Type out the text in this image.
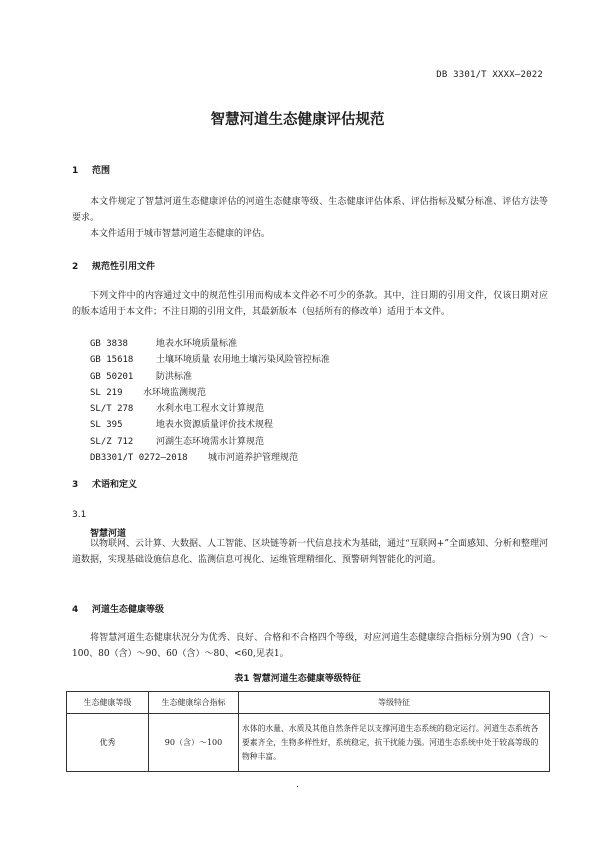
DB 3301/T XXXX—2022
智慧河道生态健康评估规范
1 范围

本文件规定了智慧河道生态健康评估的河道生态健康等级、生态健康评估体系、评估指标及赋分标准、评估方法等要求。

本文件适用于城市智慧河道生态健康的评估。

2 规范性引用文件

下列文件中的内容通过文中的规范性引用而构成本文件必不可少的条款。其中，注日期的引用文件，仅该日期对应的版本适用于本文件；不注日期的引用文件，其最新版本（包括所有的修改单）适用于本文件。

GB 3838	地表水环境质量标准
GB 15618	土壤环境质量 农用地土壤污染风险管控标准
GB 50201	防洪标准
SL 219 水环境监测规范
SL/T 278	水利水电工程水文计算规范
SL 395	地表水资源质量评价技术规程
SL/Z 712	河湖生态环境需水计算规范
DB3301/T 0272—2018 城市河道养护管理规范
3 术语和定义
3.1
智慧河道

以物联网、云计算、大数据、人工智能、区块链等新一代信息技术为基础，通过“互联网+”全面感知、分析和整理河道数据，实现基础设施信息化、监测信息可视化、运维管理精细化、预警研判智能化的河道。

4 河道生态健康等级

将智慧河道生态健康状况分为优秀、良好、合格和不合格四个等级，对应河道生态健康综合指标分别为90（含）～100、80（含）～90、60（含）～80、<60,见表1。

表1 智慧河道生态健康等级特征
生态健康等级	生态健康综合指标	等级特征
优秀	90（含）～100	水体的水量、水质及其他自然条件足以支撑河道生态系统的稳定运行。河道生态系统各要素齐全，生物多样性好，系统稳定，抗干扰能力强。河道生态系统中处于较高等级的物种丰富。
.
